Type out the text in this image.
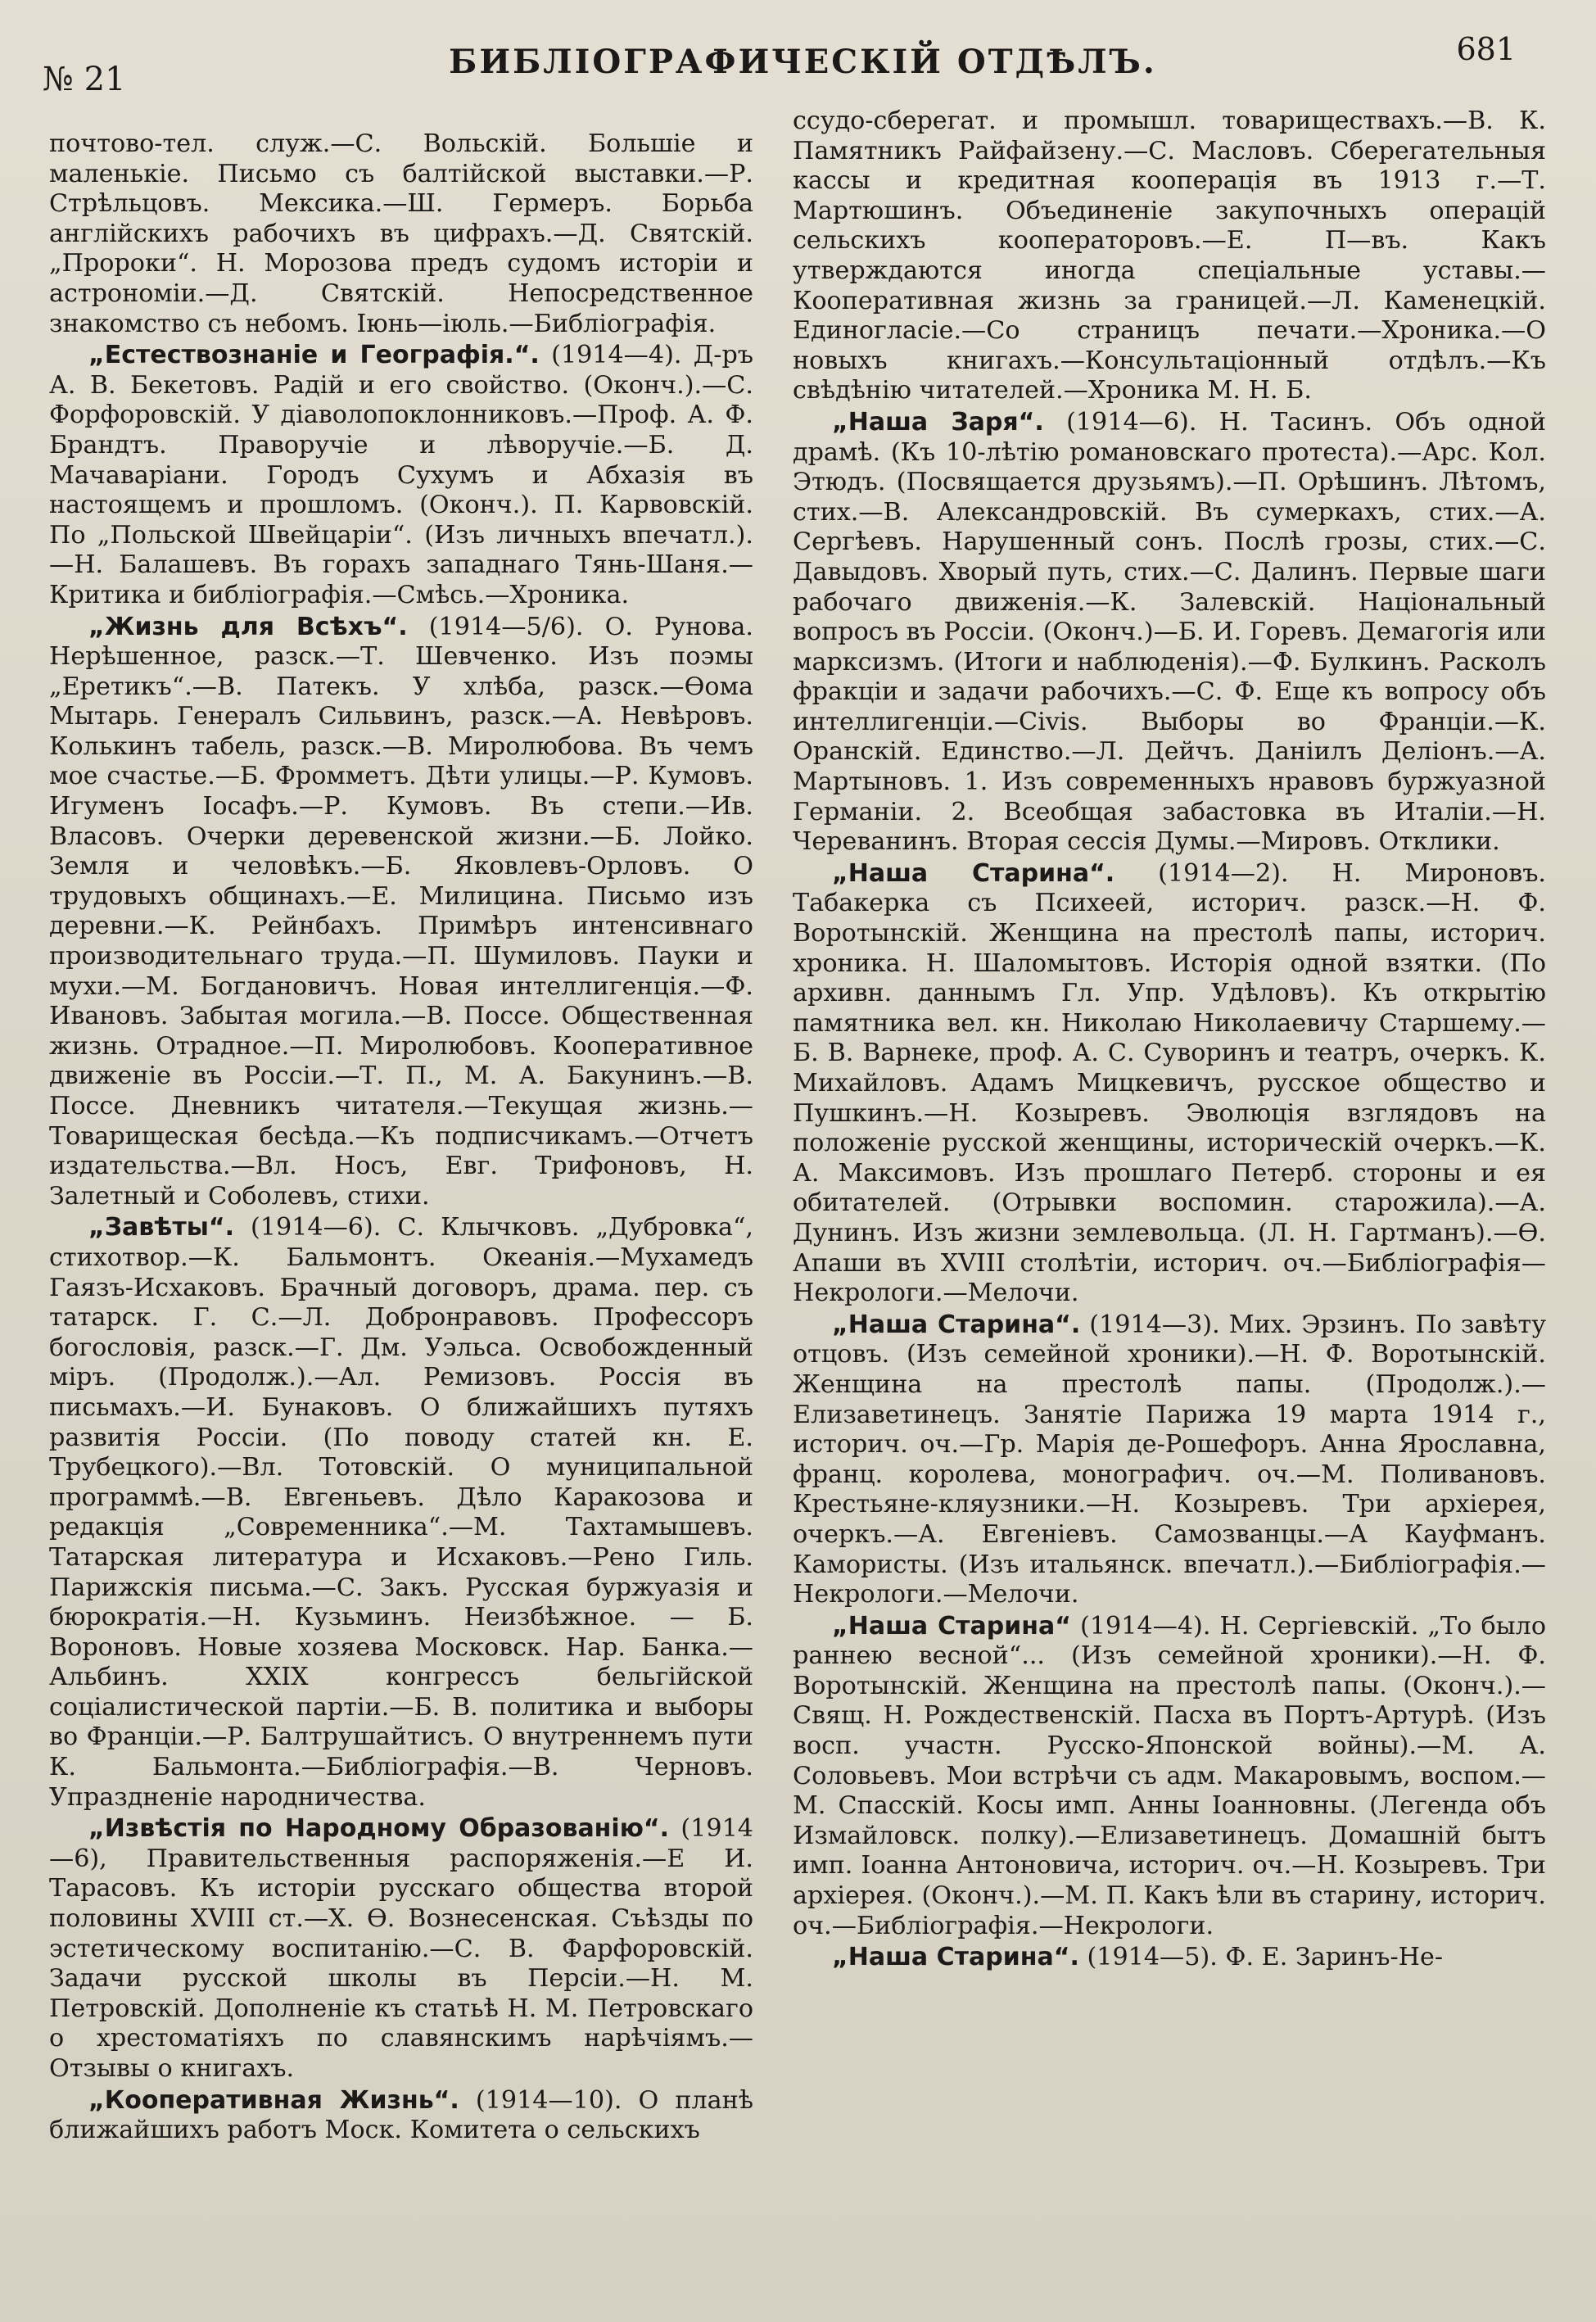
№ 21	БИБЛІОГРАФИЧЕСКІЙ ОТДѢЛЪ.	681

почтово-тел. служ.—С. Вольскій. Большіе и маленькіе. Письмо съ балтійской выставки.—Р. Стрѣльцовъ. Мексика.—Ш. Гермеръ. Борьба англійскихъ рабочихъ въ цифрахъ.—Д. Святскій. „Пророки“. Н. Морозова предъ судомъ исторіи и астрономіи.—Д. Святскій. Непосредственное знакомство съ небомъ. Іюнь—іюль.—Библіографія.

„Естествознаніе и Географія.“. (1914—4). Д-ръ А. В. Бекетовъ. Радій и его свойство. (Оконч.).—С. Форфоровскій. У діаволопоклонниковъ.—Проф. А. Ф. Брандтъ. Праворучіе и лѣворучіе.—Б. Д. Мачаваріани. Городъ Сухумъ и Абхазія въ настоящемъ и прошломъ. (Оконч.). П. Карвовскій. По „Польской Швейцаріи“. (Изъ личныхъ впечатл.).—Н. Балашевъ. Въ горахъ западнаго Тянь-Шаня.—Критика и библіографія.—Смѣсь.—Хроника.

„Жизнь для Всѣхъ“. (1914—5/6). О. Рунова. Нерѣшенное, разск.—Т. Шевченко. Изъ поэмы „Еретикъ“.—В. Патекъ. У хлѣба, разск.—Ѳома Мытарь. Генералъ Сильвинъ, разск.—А. Невѣровъ. Колькинъ табель, разск.—В. Миролюбова. Въ чемъ мое счастье.—Б. Фромметъ. Дѣти улицы.—Р. Кумовъ. Игуменъ Іосафъ.—Р. Кумовъ. Въ степи.—Ив. Власовъ. Очерки деревенской жизни.—Б. Лойко. Земля и человѣкъ.—Б. Яковлевъ-Орловъ. О трудовыхъ общинахъ.—Е. Милицина. Письмо изъ деревни.—К. Рейнбахъ. Примѣръ интенсивнаго производительнаго труда.—П. Шумиловъ. Пауки и мухи.—М. Богдановичъ. Новая интеллигенція.—Ф. Ивановъ. Забытая могила.—В. Поссе. Общественная жизнь. Отрадное.—П. Миролюбовъ. Кооперативное движеніе въ Россіи.—Т. П., М. А. Бакунинъ.—В. Поссе. Дневникъ читателя.—Текущая жизнь.—Товарищеская бесѣда.—Къ подписчикамъ.—Отчетъ издательства.—Вл. Носъ, Евг. Трифоновъ, Н. Залетный и Соболевъ, стихи.

„Завѣты“. (1914—6). С. Клычковъ. „Дубровка“, стихотвор.—К. Бальмонтъ. Океанія.—Мухамедъ Гаязъ-Исхаковъ. Брачный договоръ, драма. пер. съ татарск. Г. С.—Л. Добронравовъ. Профессоръ богословія, разск.—Г. Дм. Уэльса. Освобожденный міръ. (Продолж.).—Ал. Ремизовъ. Россія въ письмахъ.—И. Бунаковъ. О ближайшихъ путяхъ развитія Россіи. (По поводу статей кн. Е. Трубецкого).—Вл. Тотовскій. О муниципальной программѣ.—В. Евгеньевъ. Дѣло Каракозова и редакція „Современника“.—М. Тахтамышевъ. Татарская литература и Исхаковъ.—Рено Гиль. Парижскія письма.—С. Закъ. Русская буржуазія и бюрократія.—Н. Кузьминъ. Неизбѣжное. — Б. Вороновъ. Новые хозяева Московск. Нар. Банка.—Альбинъ. XXIX конгрессъ бельгійской соціалистической партіи.—Б. В. политика и выборы во Франціи.—Р. Балтрушайтисъ. О внутреннемъ пути К. Бальмонта.—Библіографія.—В. Черновъ. Упраздненіе народничества.

„Извѣстія по Народному Образованію“. (1914—6), Правительственныя распоряженія.—Е И. Тарасовъ. Къ исторіи русскаго общества второй половины XVIII ст.—Х. Ѳ. Вознесенская. Съѣзды по эстетическому воспитанію.—С. В. Фарфоровскій. Задачи русской школы въ Персіи.—Н. М. Петровскій. Дополненіе къ статьѣ Н. М. Петровскаго о хрестоматіяхъ по славянскимъ нарѣчіямъ.—Отзывы о книгахъ.

„Кооперативная Жизнь“. (1914—10). О планѣ ближайшихъ работъ Моск. Комитета о сельскихъ

ссудо-сберегат. и промышл. товариществахъ.—В. К. Памятникъ Райфайзену.—С. Масловъ. Сберегательныя кассы и кредитная кооперація въ 1913 г.—Т. Мартюшинъ. Объединеніе закупочныхъ операцій сельскихъ кооператоровъ.—Е. П—въ. Какъ утверждаются иногда спеціальные уставы.—Кооперативная жизнь за границей.—Л. Каменецкій. Единогласіе.—Со страницъ печати.—Хроника.—О новыхъ книгахъ.—Консультаціонный отдѣлъ.—Къ свѣдѣнію читателей.—Хроника М. Н. Б.

„Наша Заря“. (1914—6). Н. Тасинъ. Объ одной драмѣ. (Къ 10-лѣтію романовскаго протеста).—Арс. Кол. Этюдъ. (Посвящается друзьямъ).—П. Орѣшинъ. Лѣтомъ, стих.—В. Александровскій. Въ сумеркахъ, стих.—А. Сергѣевъ. Нарушенный сонъ. Послѣ грозы, стих.—С. Давыдовъ. Хворый путь, стих.—С. Далинъ. Первые шаги рабочаго движенія.—К. Залевскій. Національный вопросъ въ Россіи. (Оконч.)—Б. И. Горевъ. Демагогія или марксизмъ. (Итоги и наблюденія).—Ф. Булкинъ. Расколъ фракціи и задачи рабочихъ.—С. Ф. Еще къ вопросу объ интеллигенціи.—Civis. Выборы во Франціи.—К. Оранскій. Единство.—Л. Дейчъ. Даніилъ Делiонъ.—А. Мартыновъ. 1. Изъ современныхъ нравовъ буржуазной Германіи. 2. Всеобщая забастовка въ Италіи.—Н. Череванинъ. Вторая сессія Думы.—Мировъ. Отклики.

„Наша Старина“. (1914—2). Н. Мироновъ. Табакерка съ Психеей, историч. разск.—Н. Ф. Воротынскій. Женщина на престолѣ папы, историч. хроника. Н. Шаломытовъ. Исторія одной взятки. (По архивн. даннымъ Гл. Упр. Удѣловъ). Къ открытію памятника вел. кн. Николаю Николаевичу Старшему.—Б. В. Варнеке, проф. А. С. Суворинъ и театръ, очеркъ. К. Михайловъ. Адамъ Мицкевичъ, русское общество и Пушкинъ.—Н. Козыревъ. Эволюція взглядовъ на положеніе русской женщины, историческій очеркъ.—К. А. Максимовъ. Изъ прошлаго Петерб. стороны и ея обитателей. (Отрывки воспомин. старожила).—А. Дунинъ. Изъ жизни землевольца. (Л. Н. Гартманъ).—Ѳ. Апаши въ XVIII столѣтіи, историч. оч.—Библіографія—Некрологи.—Мелочи.

„Наша Старина“. (1914—3). Мих. Эрзинъ. По завѣту отцовъ. (Изъ семейной хроники).—Н. Ф. Воротынскій. Женщина на престолѣ папы. (Продолж.).—Елизаветинецъ. Занятіе Парижа 19 марта 1914 г., историч. оч.—Гр. Марія де-Рошефоръ. Анна Ярославна, франц. королева, монографич. оч.—М. Поливановъ. Крестьяне-кляузники.—Н. Козыревъ. Три архіерея, очеркъ.—А. Евгеніевъ. Самозванцы.—А Кауфманъ. Камористы. (Изъ итальянск. впечатл.).—Библіографія.—Некрологи.—Мелочи.

„Наша Старина“ (1914—4). Н. Сергіевскій. „То было раннею весной“... (Изъ семейной хроники).—Н. Ф. Воротынскій. Женщина на престолѣ папы. (Оконч.).—Свящ. Н. Рождественскій. Пасха въ Портъ-Артурѣ. (Изъ восп. участн. Русско-Японской войны).—М. А. Соловьевъ. Мои встрѣчи съ адм. Макаровымъ, воспом.—М. Спасскій. Косы имп. Анны Іоанновны. (Легенда объ Измайловск. полку).—Елизаветинецъ. Домашній бытъ имп. Іоанна Антоновича, историч. оч.—Н. Козыревъ. Три архіерея. (Оконч.).—М. П. Какъ ѣли въ старину, историч. оч.—Библіографія.—Некрологи.

„Наша Старина“. (1914—5). Ф. Е. Заринъ-Не-
